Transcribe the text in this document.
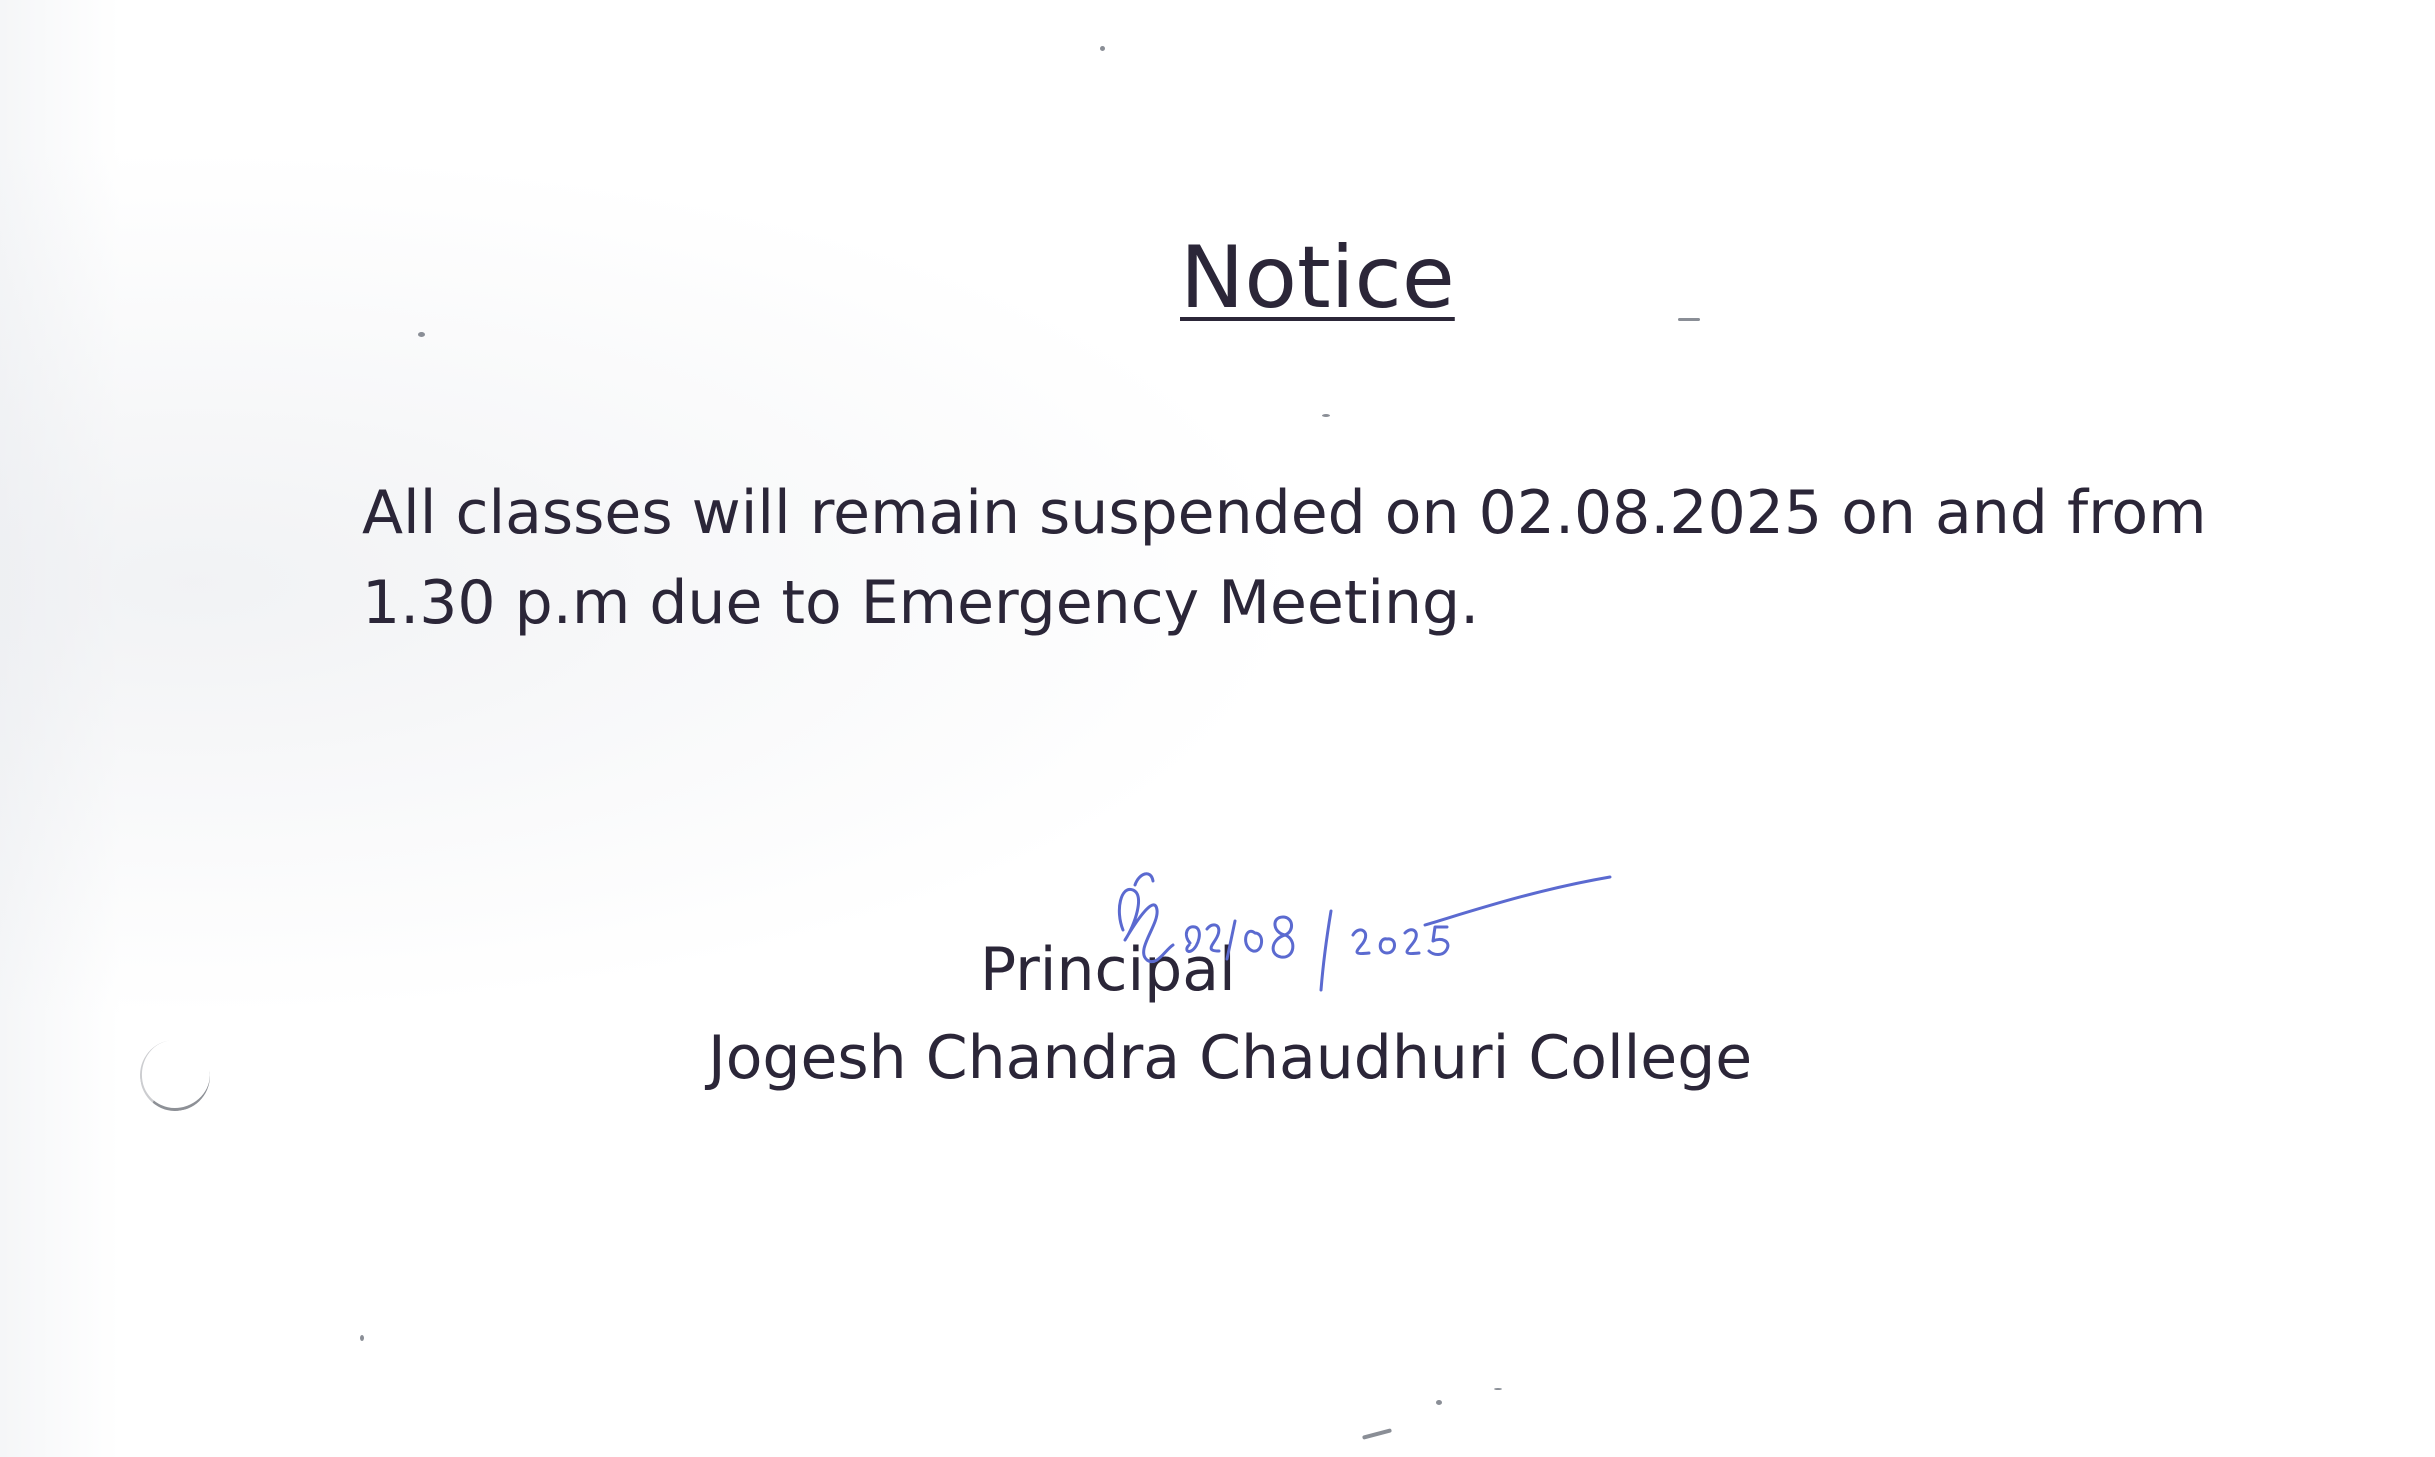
Notice
All classes will remain suspended on 02.08.2025 on and from
1.30 p.m due to Emergency Meeting.
Principal
Jogesh Chandra Chaudhuri College
